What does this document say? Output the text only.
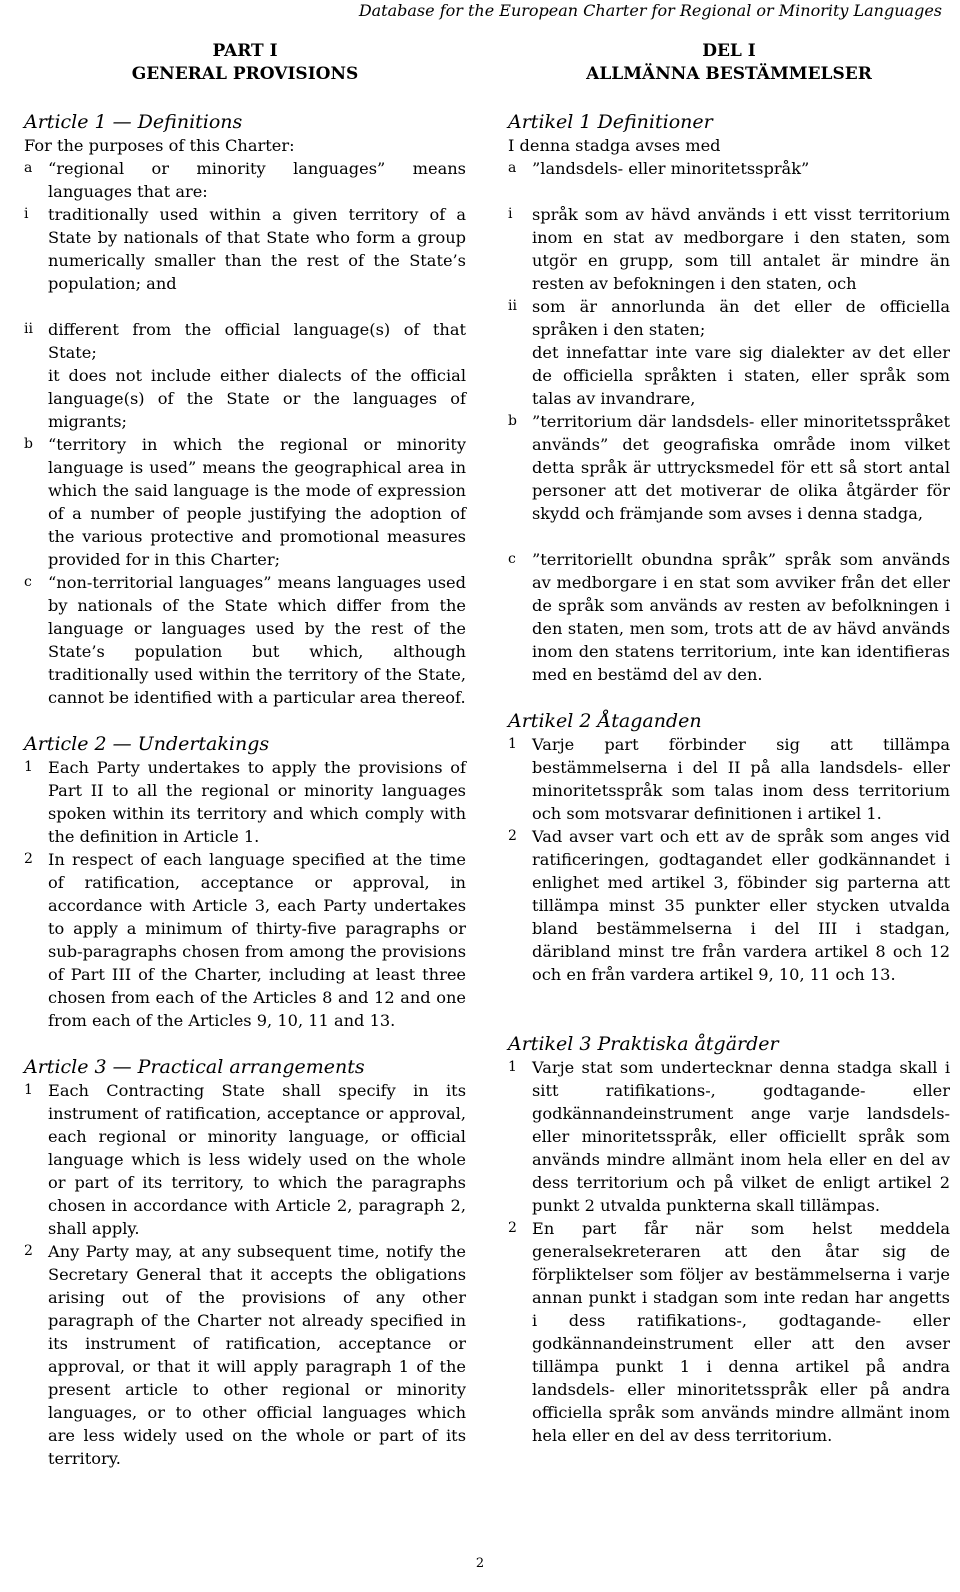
Database for the European Charter for Regional or Minority Languages
PART I
GENERAL PROVISIONS
Article 1 — Definitions

For the purposes of this Charter:

a “regional or minority languages” means languages that are:
i traditionally used within a given territory of a State by nationals of that State who form a group numerically smaller than the rest of the State’s population; and
ii different from the official language(s) of that State;

it does not include either dialects of the official language(s) of the State or the languages of migrants;

b “territory in which the regional or minority language is used” means the geographical area in which the said language is the mode of expression of a number of people justifying the adoption of the various protective and promotional measures provided for in this Charter;
c “non-territorial languages” means languages used by nationals of the State which differ from the language or languages used by the rest of the State’s population but which, although traditionally used within the territory of the State, cannot be identified with a particular area thereof.
Article 2 — Undertakings
1 Each Party undertakes to apply the provisions of Part II to all the regional or minority languages spoken within its territory and which comply with the definition in Article 1.
2 In respect of each language specified at the time of ratification, acceptance or approval, in accordance with Article 3, each Party undertakes to apply a minimum of thirty-five paragraphs or sub-paragraphs chosen from among the provisions of Part III of the Charter, including at least three chosen from each of the Articles 8 and 12 and one from each of the Articles 9, 10, 11 and 13.
Article 3 — Practical arrangements
1 Each Contracting State shall specify in its instrument of ratification, acceptance or approval, each regional or minority language, or official language which is less widely used on the whole or part of its territory, to which the paragraphs chosen in accordance with Article 2, paragraph 2, shall apply.
2 Any Party may, at any subsequent time, notify the Secretary General that it accepts the obligations arising out of the provisions of any other paragraph of the Charter not already specified in its instrument of ratification, acceptance or approval, or that it will apply paragraph 1 of the present article to other regional or minority languages, or to other official languages which are less widely used on the whole or part of its territory.
DEL I
ALLMÄNNA BESTÄMMELSER
Artikel 1 Definitioner

I denna stadga avses med

a ”landsdels- eller minoritetsspråk”
i språk som av hävd används i ett visst territorium inom en stat av medborgare i den staten, som utgör en grupp, som till antalet är mindre än resten av befokningen i den staten, och
ii som är annorlunda än det eller de officiella språken i den staten;

det innefattar inte vare sig dialekter av det eller de officiella språkten i staten, eller språk som talas av invandrare,

b ”territorium där landsdels- eller minoritetsspråket används” det geografiska område inom vilket detta språk är uttrycksmedel för ett så stort antal personer att det motiverar de olika åtgärder för skydd och främjande som avses i denna stadga,
c ”territoriellt obundna språk” språk som används av medborgare i en stat som avviker från det eller de språk som används av resten av befolkningen i den staten, men som, trots att de av hävd används inom den statens territorium, inte kan identifieras med en bestämd del av den.
Artikel 2 Åtaganden
1 Varje part förbinder sig att tillämpa bestämmelserna i del II på alla landsdels- eller minoritetsspråk som talas inom dess territorium och som motsvarar definitionen i artikel 1.
2 Vad avser vart och ett av de språk som anges vid ratificeringen, godtagandet eller godkännandet i enlighet med artikel 3, föbinder sig parterna att tillämpa minst 35 punkter eller stycken utvalda bland bestämmelserna i del III i stadgan, däribland minst tre från vardera artikel 8 och 12 och en från vardera artikel 9, 10, 11 och 13.
Artikel 3 Praktiska åtgärder
1 Varje stat som undertecknar denna stadga skall i sitt ratifikations-, godtagande- eller godkännandeinstrument ange varje landsdels- eller minoritetsspråk, eller officiellt språk som används mindre allmänt inom hela eller en del av dess territorium och på vilket de enligt artikel 2 punkt 2 utvalda punkterna skall tillämpas.
2 En part får när som helst meddela generalsekreteraren att den åtar sig de förpliktelser som följer av bestämmelserna i varje annan punkt i stadgan som inte redan har angetts i dess ratifikations-, godtagande- eller godkännandeinstrument eller att den avser tillämpa punkt 1 i denna artikel på andra landsdels- eller minoritetsspråk eller på andra officiella språk som används mindre allmänt inom hela eller en del av dess territorium.
2
